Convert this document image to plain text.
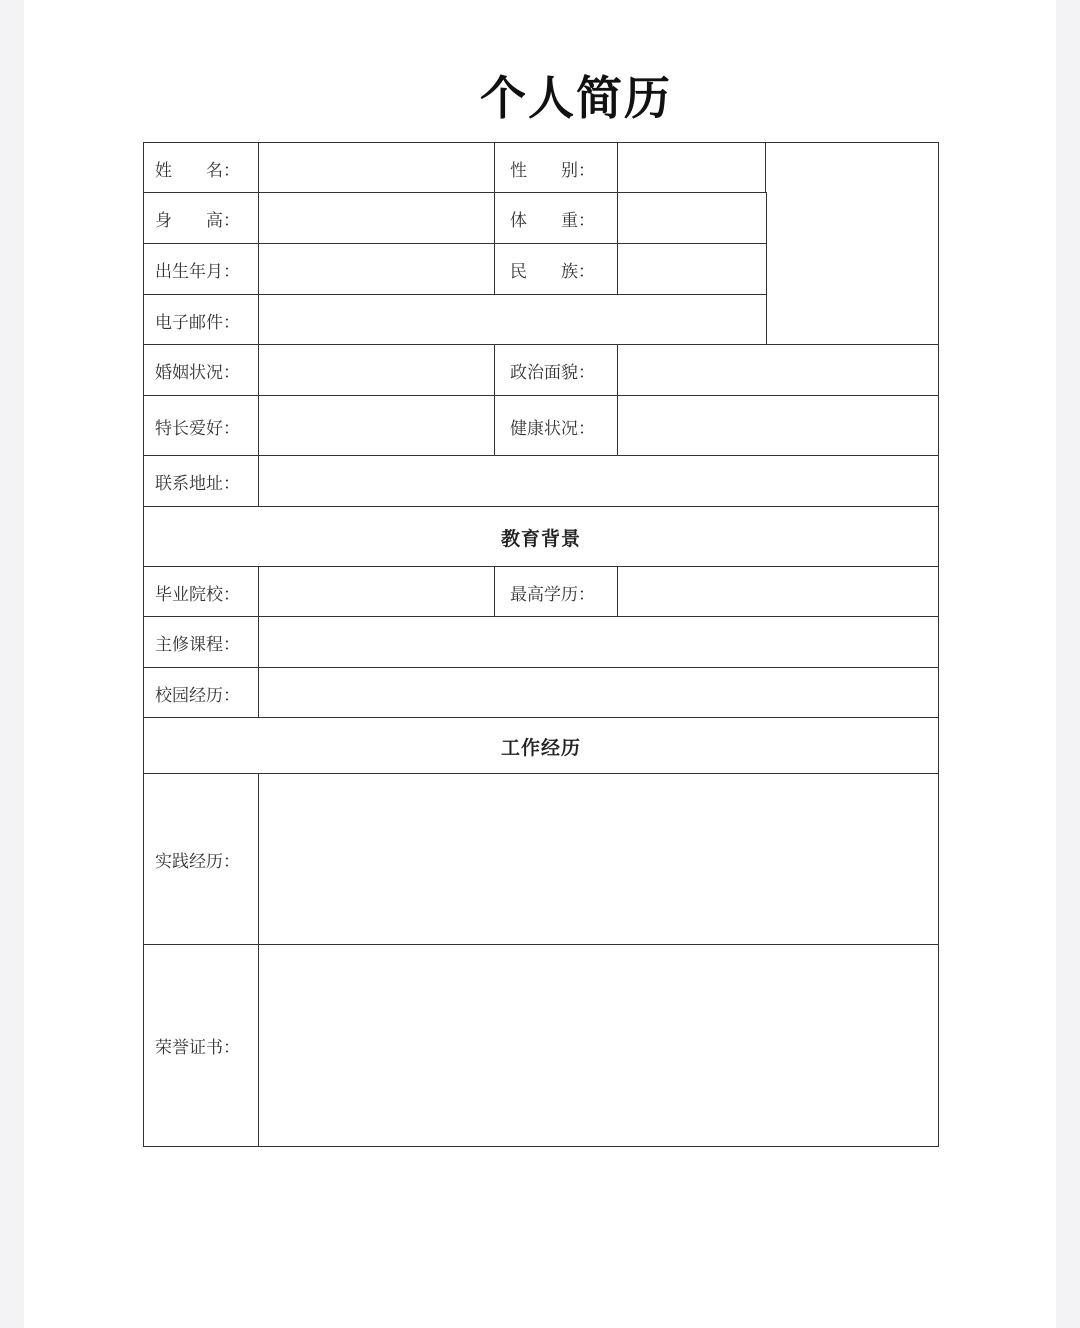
个人简历
姓　　名：	性　　别：
身　　高：	体　　重：
出生年月：	民　　族：
电子邮件：
婚姻状况：	政治面貌：
特长爱好：	健康状况：
联系地址：
教育背景
毕业院校：	最高学历：
主修课程：
校园经历：
工作经历
实践经历：
荣誉证书：
